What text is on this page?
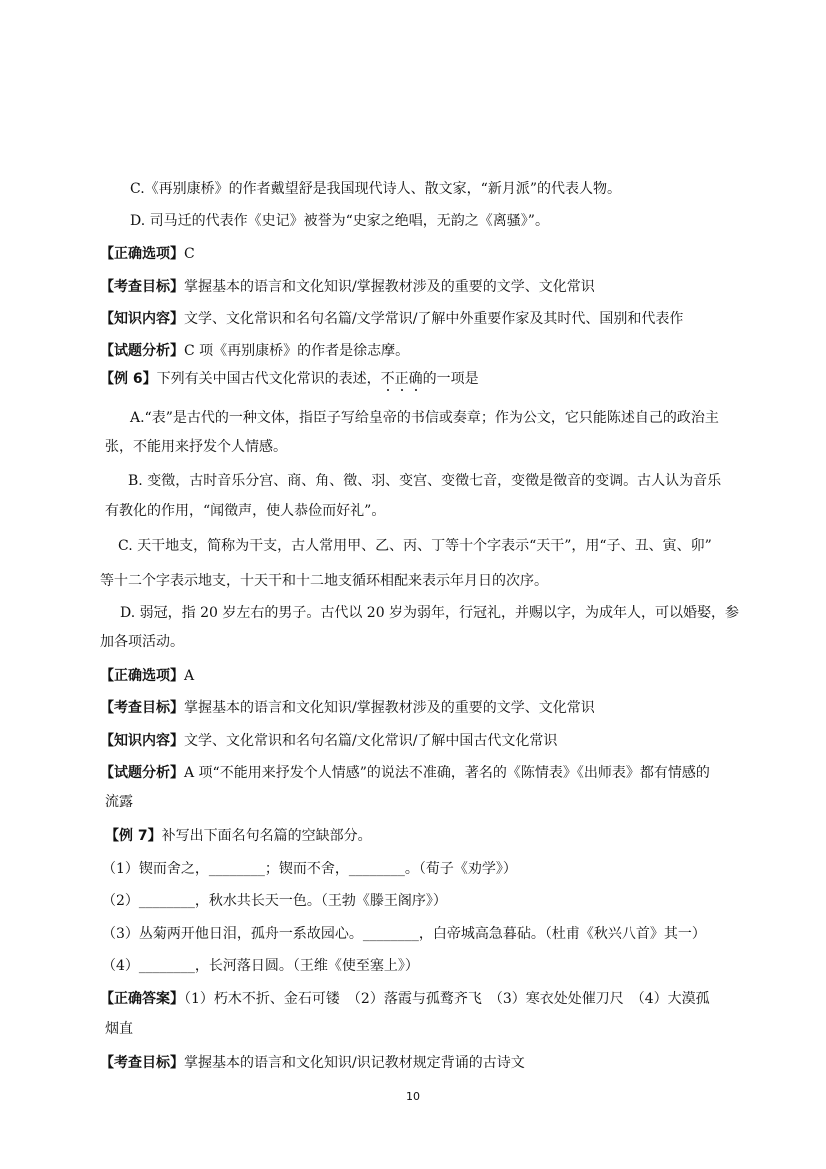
C.《再别康桥》的作者戴望舒是我国现代诗人、散文家，“新月派”的代表人物。
D. 司马迁的代表作《史记》被誉为“史家之绝唱，无韵之《离骚》”。
【正确选项】C
【考查目标】掌握基本的语言和文化知识/掌握教材涉及的重要的文学、文化常识
【知识内容】文学、文化常识和名句名篇/文学常识/了解中外重要作家及其时代、国别和代表作
【试题分析】C 项《再别康桥》的作者是徐志摩。
【例 6】下列有关中国古代文化常识的表述，不正确的一项是
A.“表”是古代的一种文体，指臣子写给皇帝的书信或奏章；作为公文，它只能陈述自己的政治主
张，不能用来抒发个人情感。
B. 变徵，古时音乐分宫、商、角、徵、羽、变宫、变徵七音，变徵是徵音的变调。古人认为音乐
有教化的作用，“闻徵声，使人恭俭而好礼”。
C. 天干地支，简称为干支，古人常用甲、乙、丙、丁等十个字表示“天干”，用“子、丑、寅、卯”
等十二个字表示地支，十天干和十二地支循环相配来表示年月日的次序。
D. 弱冠，指 20 岁左右的男子。古代以 20 岁为弱年，行冠礼，并赐以字，为成年人，可以婚娶，参
加各项活动。
【正确选项】A
【考查目标】掌握基本的语言和文化知识/掌握教材涉及的重要的文学、文化常识
【知识内容】文学、文化常识和名句名篇/文化常识/了解中国古代文化常识
【试题分析】A 项“不能用来抒发个人情感”的说法不准确，著名的《陈情表》《出师表》都有情感的
流露
【例 7】补写出下面名句名篇的空缺部分。
（1）锲而舍之，________；锲而不舍，________。（荀子《劝学》）
（2）________，秋水共长天一色。（王勃《滕王阁序》）
（3）丛菊两开他日泪，孤舟一系故园心。________，白帝城高急暮砧。（杜甫《秋兴八首》其一）
（4）________，长河落日圆。（王维《使至塞上》）
【正确答案】（1）朽木不折、金石可镂　（2）落霞与孤鹜齐飞　（3）寒衣处处催刀尺　（4）大漠孤
烟直
【考查目标】掌握基本的语言和文化知识/识记教材规定背诵的古诗文
10
